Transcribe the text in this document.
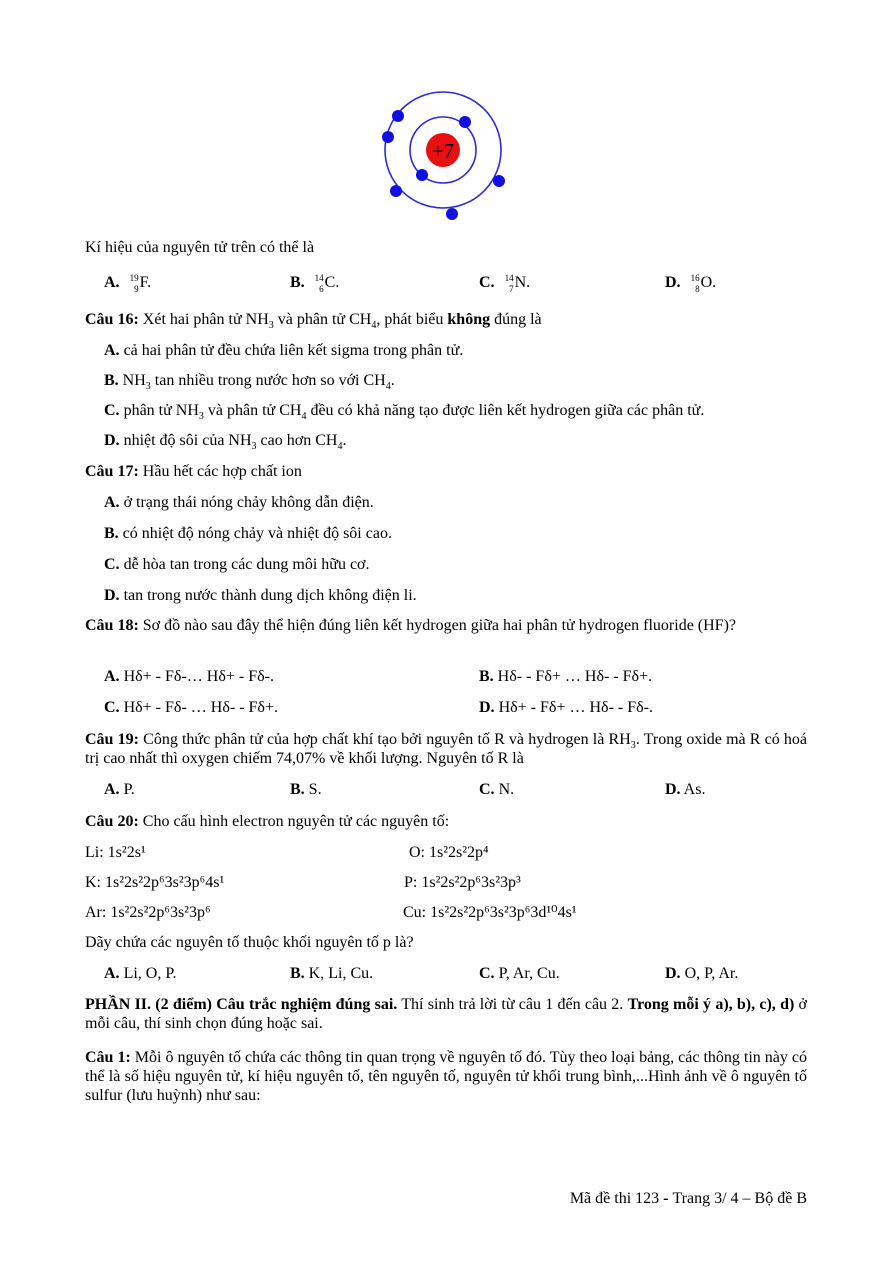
+7
Kí hiệu của nguyên tử trên có thể là
A. 19
9 F.	B. 14
6 C.	C. 14
7 N.	D. 16
8 O.
Câu 16: Xét hai phân tử $NH_3$ và phân tử $CH_4$, phát biểu không đúng là
A. cả hai phân tử đều chứa liên kết sigma trong phân tử.
B. $NH_3$ tan nhiều trong nước hơn so với $CH_4$.
C. phân tử $NH_3$ và phân tử $CH_4$ đều có khả năng tạo được liên kết hydrogen giữa các phân tử.
D. nhiệt độ sôi của $NH_3$ cao hơn $CH_4$.
Câu 17: Hầu hết các hợp chất ion
A. ở trạng thái nóng chảy không dẫn điện.
B. có nhiệt độ nóng chảy và nhiệt độ sôi cao.
C. dễ hòa tan trong các dung môi hữu cơ.
D. tan trong nước thành dung dịch không điện li.
Câu 18: Sơ đồ nào sau đây thể hiện đúng liên kết hydrogen giữa hai phân tử hydrogen fluoride (HF)?
A. Hδ+ - Fδ-… Hδ+ - Fδ-.	B. Hδ- - Fδ+ … Hδ- - Fδ+.
C. Hδ+ - Fδ- … Hδ- - Fδ+.	D. Hδ+ - Fδ+ … Hδ- - Fδ-.
Câu 19: Công thức phân tử của hợp chất khí tạo bởi nguyên tố R và hydrogen là $RH_3$. Trong oxide mà R có hoá trị cao nhất thì oxygen chiếm 74,07% về khối lượng. Nguyên tố R là
A. P.	B. S.	C. N.	D. As.
Câu 20: Cho cấu hình electron nguyên tử các nguyên tố:
Li: 1s²2s¹	O: 1s²2s²2p⁴
K: 1s²2s²2p⁶3s²3p⁶4s¹	P: 1s²2s²2p⁶3s²3p³
Ar: 1s²2s²2p⁶3s²3p⁶	Cu: 1s²2s²2p⁶3s²3p⁶3d¹⁰4s¹
Dãy chứa các nguyên tố thuộc khối nguyên tố p là?
A. Li, O, P.	B. K, Li, Cu.	C. P, Ar, Cu.	D. O, P, Ar.
PHẦN II. (2 điểm) Câu trắc nghiệm đúng sai. Thí sinh trả lời từ câu 1 đến câu 2. Trong mỗi ý a), b), c), d) ở mỗi câu, thí sinh chọn đúng hoặc sai.
Câu 1: Mỗi ô nguyên tố chứa các thông tin quan trọng về nguyên tố đó. Tùy theo loại bảng, các thông tin này có thể là số hiệu nguyên tử, kí hiệu nguyên tố, tên nguyên tố, nguyên tử khối trung bình,...Hình ảnh về ô nguyên tố sulfur (lưu huỳnh) như sau:
Mã đề thi 123 - Trang 3/ 4 – Bộ đề B
